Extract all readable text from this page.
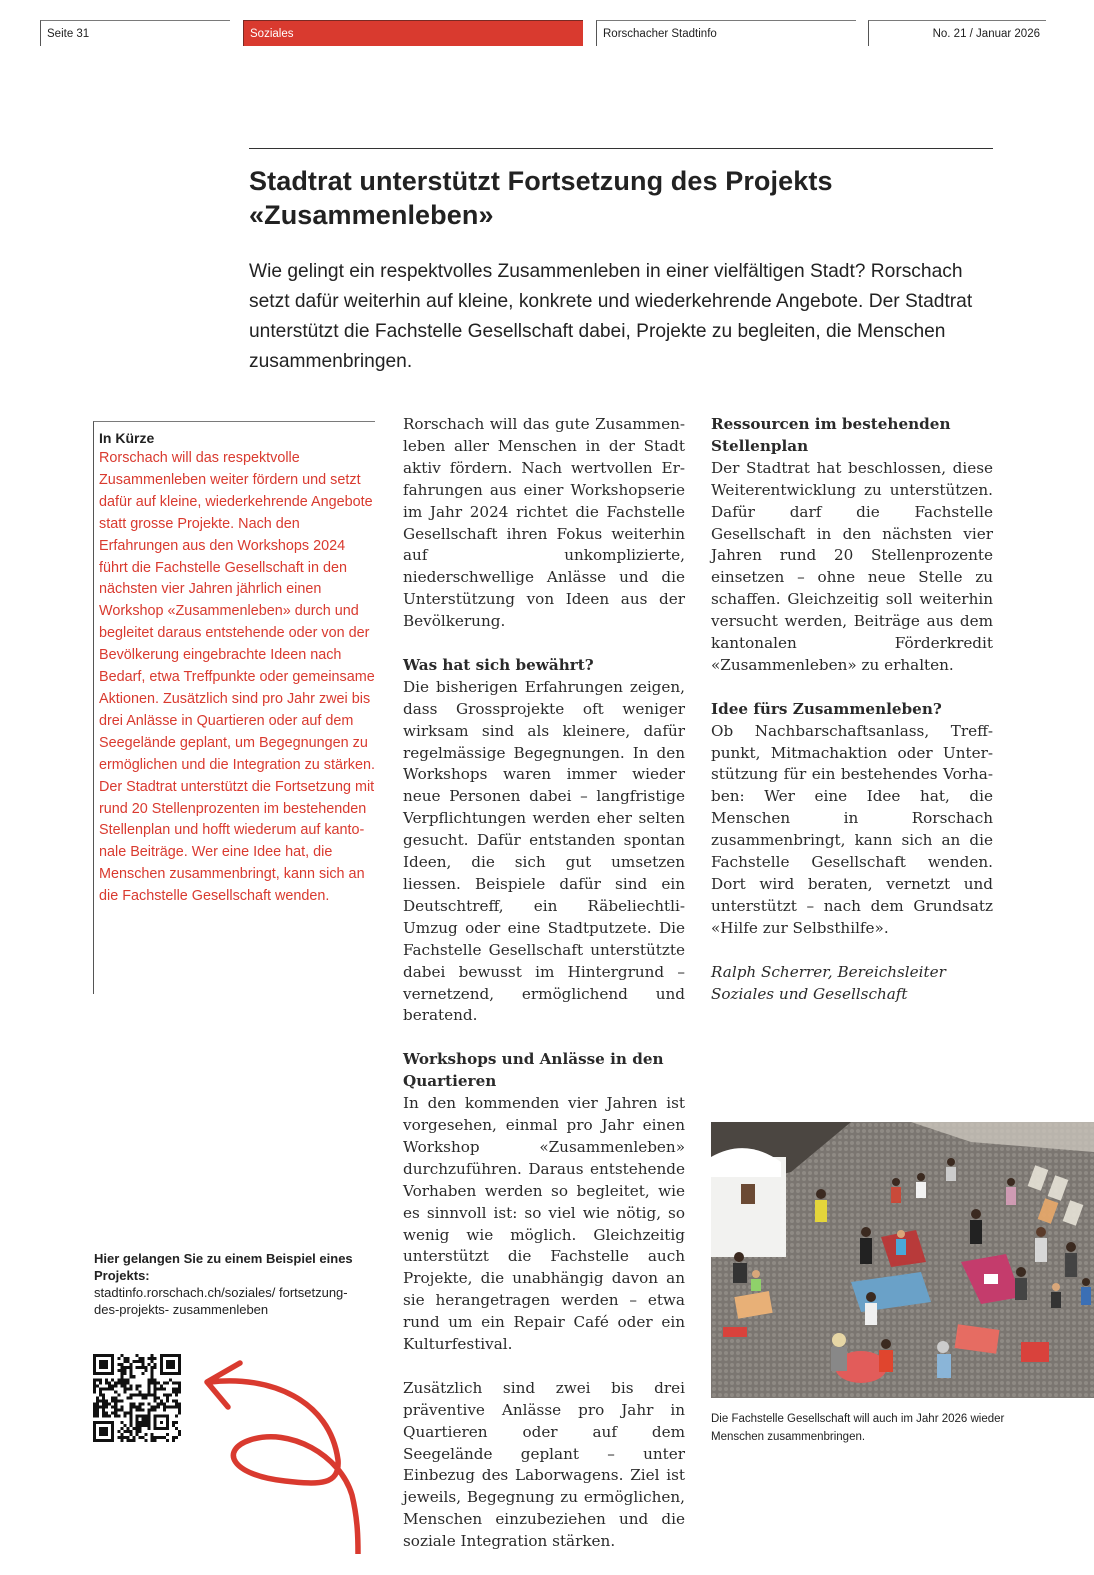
Seite 31	Soziales	Rorschacher Stadtinfo	No. 21 / Januar 2026
Stadtrat unterstützt Fortsetzung des Projekts «Zusammenleben»

Wie gelingt ein respektvolles Zusammenleben in einer vielfältigen Stadt? Rorschach setzt dafür weiterhin auf kleine, konkrete und wiederkehrende Angebote. Der Stadtrat unterstützt die Fachstelle Gesellschaft dabei, Projekte zu begleiten, die Menschen zusammenbringen.

In Kürze

Rorschach will das respektvolle Zusammenleben weiter fördern und setzt dafür auf kleine, wiederkehrende Angebote statt grosse Projekte. Nach den Erfahrungen aus den Workshops 2024 führt die Fachstelle Gesellschaft in den nächsten vier Jahren jährlich einen Workshop «Zusammenleben» durch und begleitet daraus entstehende oder von der Bevölkerung eingebrachte Ideen nach Bedarf, etwa Treffpunkte oder gemeinsame Aktionen. Zusätzlich sind pro Jahr zwei bis drei Anlässe in Quartieren oder auf dem Seegelände geplant, um Begegnungen zu ermöglichen und die Integration zu stärken. Der Stadtrat unterstützt die Fortsetzung mit rund 20 Stellenprozenten im bestehenden Stellenplan und hofft wiederum auf kantonale Beiträge. Wer eine Idee hat, die Menschen zusammenbringt, kann sich an die Fachstelle Gesellschaft wenden.

Rorschach will das gute Zusammenleben aller Menschen in der Stadt aktiv fördern. Nach wertvollen Erfahrungen aus einer Workshopserie im Jahr 2024 richtet die Fachstelle Gesellschaft ihren Fokus weiterhin auf unkomplizierte, niederschwellige Anlässe und die Unterstützung von Ideen aus der Bevölkerung.

Was hat sich bewährt?

Die bisherigen Erfahrungen zeigen, dass Grossprojekte oft weniger wirksam sind als kleinere, dafür regelmässige Begegnungen. In den Workshops waren immer wieder neue Personen dabei – langfristige Verpflichtungen werden eher selten gesucht. Dafür entstanden spontan Ideen, die sich gut umsetzen liessen. Beispiele dafür sind ein Deutschtreff, ein Räbeliechtli-Umzug oder eine Stadtputzete. Die Fachstelle Gesellschaft unterstützte dabei bewusst im Hintergrund – vernetzend, ermöglichend und beratend.

Workshops und Anlässe in den Quartieren

In den kommenden vier Jahren ist vorgesehen, einmal pro Jahr einen Workshop «Zusammenleben» durchzuführen. Daraus entstehende Vorhaben werden so begleitet, wie es sinnvoll ist: so viel wie nötig, so wenig wie möglich. Gleichzeitig unterstützt die Fachstelle auch Projekte, die unabhängig davon an sie herangetragen werden – etwa rund um ein Repair Café oder ein Kulturfestival.

Zusätzlich sind zwei bis drei präventive Anlässe pro Jahr in Quartieren oder auf dem Seegelände geplant – unter Einbezug des Laborwagens. Ziel ist jeweils, Begegnung zu ermöglichen, Menschen einzubeziehen und die soziale Integration stärken.

Ressourcen im bestehenden Stellenplan

Der Stadtrat hat beschlossen, diese Weiterentwicklung zu unterstützen. Dafür darf die Fachstelle Gesellschaft in den nächsten vier Jahren rund 20 Stellenprozente einsetzen – ohne neue Stelle zu schaffen. Gleichzeitig soll weiterhin versucht werden, Beiträge aus dem kantonalen Förderkredit «Zusammenleben» zu erhalten.

Idee fürs Zusammenleben?

Ob Nachbarschaftsanlass, Treffpunkt, Mitmachaktion oder Unterstützung für ein bestehendes Vorhaben: Wer eine Idee hat, die Menschen in Rorschach zusammenbringt, kann sich an die Fachstelle Gesellschaft wenden. Dort wird beraten, vernetzt und unterstützt – nach dem Grundsatz «Hilfe zur Selbsthilfe».

Ralph Scherrer, Bereichsleiter
Soziales und Gesellschaft
Hier gelangen Sie zu einem Beispiel eines Projekts:
stadtinfo.rorschach.ch/soziales/ fortsetzung-des-projekts- zusammenleben
Die Fachstelle Gesellschaft will auch im Jahr 2026 wieder Menschen zusammenbringen.
